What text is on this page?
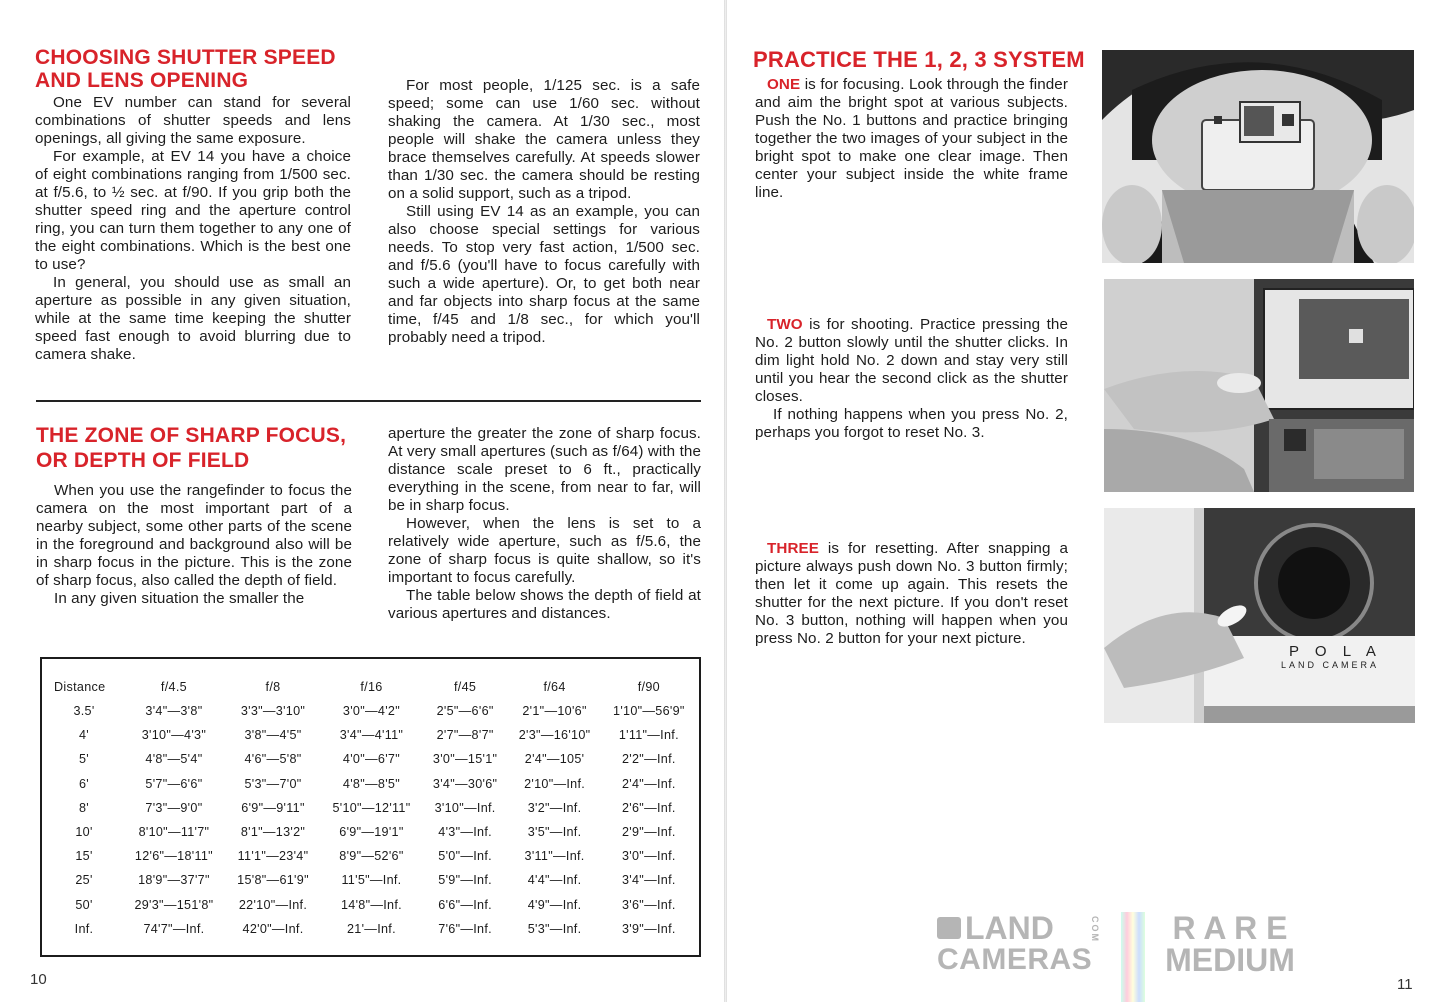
CHOOSING SHUTTER SPEED
AND LENS OPENING

One EV number can stand for several combinations of shutter speeds and lens openings, all giving the same exposure.

For example, at EV 14 you have a choice of eight combinations ranging from 1/500 sec. at f/5.6, to ½ sec. at f/90. If you grip both the shutter speed ring and the aperture control ring, you can turn them together to any one of the eight combinations. Which is the best one to use?

In general, you should use as small an aperture as possible in any given situation, while at the same time keeping the shutter speed fast enough to avoid blurring due to camera shake.

For most people, 1/125 sec. is a safe speed; some can use 1/60 sec. without shaking the camera. At 1/30 sec., most people will shake the camera unless they brace themselves carefully. At speeds slower than 1/30 sec. the camera should be resting on a solid support, such as a tripod.

Still using EV 14 as an example, you can also choose special settings for various needs. To stop very fast action, 1/500 sec. and f/5.6 (you'll have to focus carefully with such a wide aperture). Or, to get both near and far objects into sharp focus at the same time, f/45 and 1/8 sec., for which you'll probably need a tripod.

THE ZONE OF SHARP FOCUS,
OR DEPTH OF FIELD

When you use the rangefinder to focus the camera on the most important part of a nearby subject, some other parts of the scene in the foreground and background also will be in sharp focus in the picture. This is the zone of sharp focus, also called the depth of field.

In any given situation the smaller the

aperture the greater the zone of sharp focus. At very small apertures (such as f/64) with the distance scale preset to 6 ft., practically everything in the scene, from near to far, will be in sharp focus.

However, when the lens is set to a relatively wide aperture, such as f/5.6, the zone of sharp focus is quite shallow, so it's important to focus carefully.

The table below shows the depth of field at various apertures and distances.

Distance	f/4.5	f/8	f/16	f/45	f/64	f/90
3.5'	3'4"—3'8"	3'3"—3'10"	3'0"—4'2"	2'5"—6'6"	2'1"—10'6"	1'10"—56'9"
4'	3'10"—4'3"	3'8"—4'5"	3'4"—4'11"	2'7"—8'7"	2'3"—16'10"	1'11"—Inf.
5'	4'8"—5'4"	4'6"—5'8"	4'0"—6'7"	3'0"—15'1"	2'4"—105'	2'2"—Inf.
6'	5'7"—6'6"	5'3"—7'0"	4'8"—8'5"	3'4"—30'6"	2'10"—Inf.	2'4"—Inf.
8'	7'3"—9'0"	6'9"—9'11"	5'10"—12'11"	3'10"—Inf.	3'2"—Inf.	2'6"—Inf.
10'	8'10"—11'7"	8'1"—13'2"	6'9"—19'1"	4'3"—Inf.	3'5"—Inf.	2'9"—Inf.
15'	12'6"—18'11"	11'1"—23'4"	8'9"—52'6"	5'0"—Inf.	3'11"—Inf.	3'0"—Inf.
25'	18'9"—37'7"	15'8"—61'9"	11'5"—Inf.	5'9"—Inf.	4'4"—Inf.	3'4"—Inf.
50'	29'3"—151'8"	22'10"—Inf.	14'8"—Inf.	6'6"—Inf.	4'9"—Inf.	3'6"—Inf.
Inf.	74'7"—Inf.	42'0"—Inf.	21'—Inf.	7'6"—Inf.	5'3"—Inf.	3'9"—Inf.
10
PRACTICE THE 1, 2, 3 SYSTEM

ONE is for focusing. Look through the finder and aim the bright spot at various subjects. Push the No. 1 buttons and practice bringing together the two images of your subject in the bright spot to make one clear image. Then center your subject inside the white frame line.

TWO is for shooting. Practice pressing the No. 2 button slowly until the shutter clicks. In dim light hold No. 2 down and stay very still until you hear the second click as the shutter closes.

If nothing happens when you press No. 2, perhaps you forgot to reset No. 3.

THREE is for resetting. After snapping a picture always push down No. 3 button firmly; then let it come up again. This resets the shutter for the next picture. If you don't reset No. 3 button, nothing will happen when you press No. 2 button for your next picture.

P O L A
LAND CAMERA
LAND
CAMERAS
COM	R A R E
MEDIUM
11
